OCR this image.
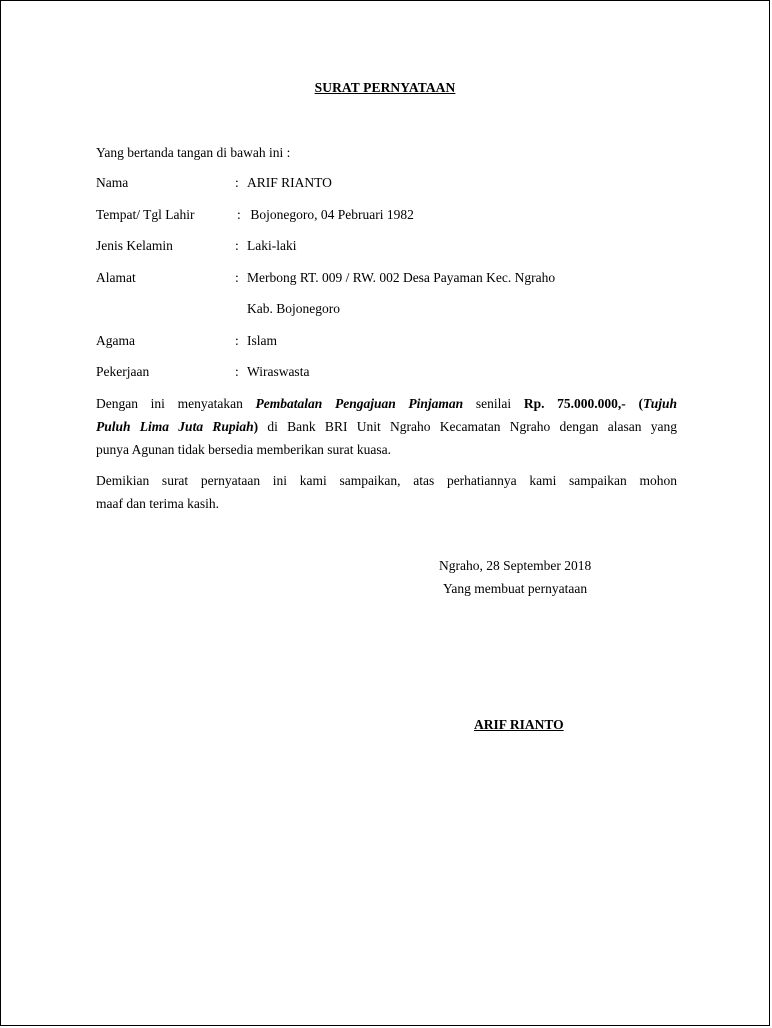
SURAT PERNYATAAN
Yang bertanda tangan di bawah ini :
Nama	: ARIF RIANTO
Tempat/ Tgl Lahir	: Bojonegoro, 04 Pebruari 1982
Jenis Kelamin	: Laki-laki
Alamat	: Merbong RT. 009 / RW. 002 Desa Payaman Kec. Ngraho
Kab. Bojonegoro
Agama	: Islam
Pekerjaan	: Wiraswasta
Dengan ini menyatakan Pembatalan Pengajuan Pinjaman senilai Rp. 75.000.000,- (Tujuh
Puluh Lima Juta Rupiah) di Bank BRI Unit Ngraho Kecamatan Ngraho dengan alasan yang
punya Agunan tidak bersedia memberikan surat kuasa.
Demikian surat pernyataan ini kami sampaikan, atas perhatiannya kami sampaikan mohon
maaf dan terima kasih.
Ngraho, 28 September 2018
Yang membuat pernyataan
ARIF RIANTO
